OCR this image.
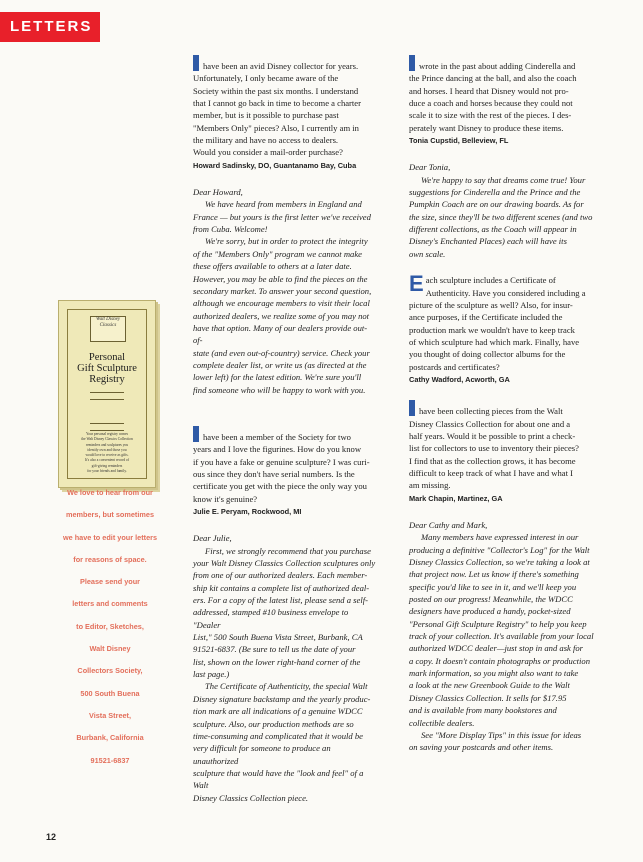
LETTERS
Walt Disney Classics
Personal
Gift Sculpture
Registry
Your personal registry comes
the Walt Disney Classics Collection
reminders and sculptures you
identify own and those you
would love to receive as gifts.
It's also a convenient record of
gift-giving reminders
for your friends and family.

We love to hear from our

members, but sometimes

we have to edit your letters

for reasons of space.

Please send your

letters and comments

to Editor, Sketches,

Walt Disney

Collectors Society,

500 South Buena

Vista Street,

Burbank, California

91521-6837

have been an avid Disney collector for years.

Unfortunately, I only became aware of the

Society within the past six months. I understand

that I cannot go back in time to become a charter

member, but is it possible to purchase past

"Members Only" pieces? Also, I currently am in

the military and have no access to dealers.

Would you consider a mail-order purchase?

Howard Sadinsky, DO, Guantanamo Bay, Cuba

Dear Howard,

We have heard from members in England and

France — but yours is the first letter we've received

from Cuba. Welcome!

We're sorry, but in order to protect the integrity

of the "Members Only" program we cannot make

these offers available to others at a later date.

However, you may be able to find the pieces on the

secondary market. To answer your second question,

although we encourage members to visit their local

authorized dealers, we realize some of you may not

have that option. Many of our dealers provide out-of-

state (and even out-of-country) service. Check your

complete dealer list, or write us (as directed at the

lower left) for the latest edition. We're sure you'll

find someone who will be happy to work with you.

have been a member of the Society for two

years and I love the figurines. How do you know

if you have a fake or genuine sculpture? I was curi-

ous since they don't have serial numbers. Is the

certificate you get with the piece the only way you

know it's genuine?

Julie E. Peryam, Rockwood, MI

Dear Julie,

First, we strongly recommend that you purchase

your Walt Disney Classics Collection sculptures only

from one of our authorized dealers. Each member-

ship kit contains a complete list of authorized deal-

ers. For a copy of the latest list, please send a self-

addressed, stamped #10 business envelope to "Dealer

List," 500 South Buena Vista Street, Burbank, CA

91521-6837. (Be sure to tell us the date of your

list, shown on the lower right-hand corner of the

last page.)

The Certificate of Authenticity, the special Walt

Disney signature backstamp and the yearly produc-

tion mark are all indications of a genuine WDCC

sculpture. Also, our production methods are so

time-consuming and complicated that it would be

very difficult for someone to produce an unauthorized

sculpture that would have the "look and feel" of a Walt

Disney Classics Collection piece.

wrote in the past about adding Cinderella and

the Prince dancing at the ball, and also the coach

and horses. I heard that Disney would not pro-

duce a coach and horses because they could not

scale it to size with the rest of the pieces. I des-

perately want Disney to produce these items.

Tonia Cupstid, Belleview, FL

Dear Tonia,

We're happy to say that dreams come true! Your

suggestions for Cinderella and the Prince and the

Pumpkin Coach are on our drawing boards. As for

the size, since they'll be two different scenes (and two

different collections, as the Coach will appear in

Disney's Enchanted Places) each will have its

own scale.

Each sculpture includes a Certificate of

Authenticity. Have you considered including a

picture of the sculpture as well? Also, for insur-

ance purposes, if the Certificate included the

production mark we wouldn't have to keep track

of which sculpture had which mark. Finally, have

you thought of doing collector albums for the

postcards and certificates?

Cathy Wadford, Acworth, GA

have been collecting pieces from the Walt

Disney Classics Collection for about one and a

half years. Would it be possible to print a check-

list for collectors to use to inventory their pieces?

I find that as the collection grows, it has become

difficult to keep track of what I have and what I

am missing.

Mark Chapin, Martinez, GA

Dear Cathy and Mark,

Many members have expressed interest in our

producing a definitive "Collector's Log" for the Walt

Disney Classics Collection, so we're taking a look at

that project now. Let us know if there's something

specific you'd like to see in it, and we'll keep you

posted on our progress! Meanwhile, the WDCC

designers have produced a handy, pocket-sized

"Personal Gift Sculpture Registry" to help you keep

track of your collection. It's available from your local

authorized WDCC dealer—just stop in and ask for

a copy. It doesn't contain photographs or production

mark information, so you might also want to take

a look at the new Greenbook Guide to the Walt

Disney Classics Collection. It sells for $17.95

and is available from many bookstores and

collectible dealers.

See "More Display Tips" in this issue for ideas

on saving your postcards and other items.

12
